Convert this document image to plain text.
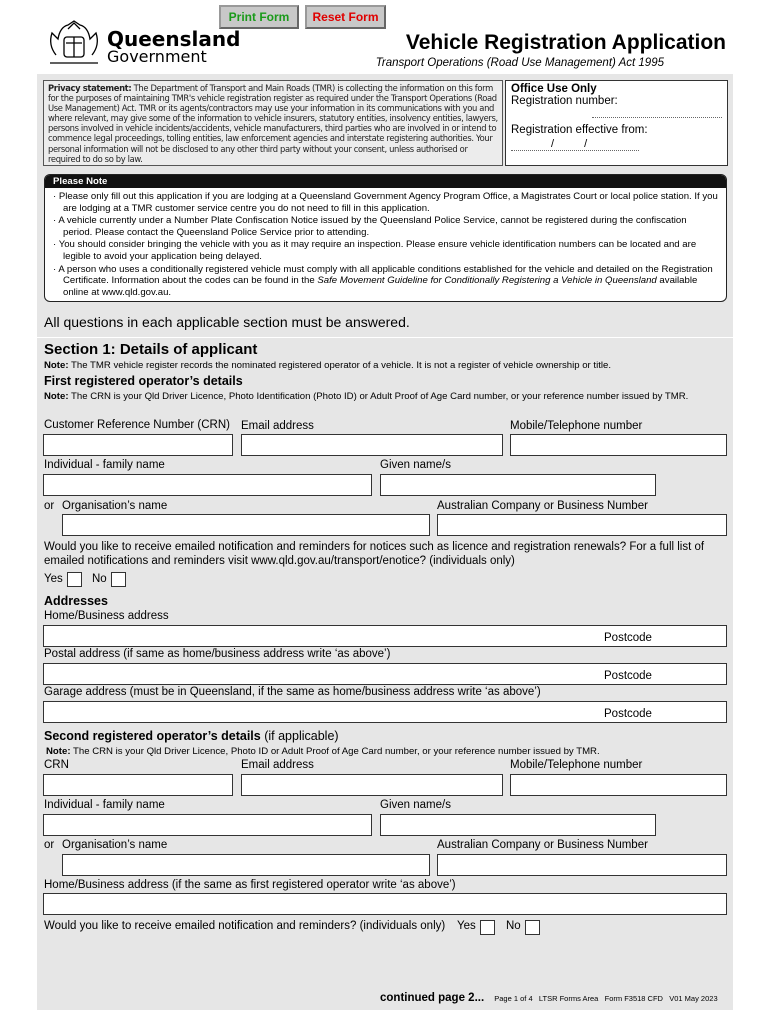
Print Form	Reset Form
Queensland
Government
Vehicle Registration Application
Transport Operations (Road Use Management) Act 1995
Privacy statement: The Department of Transport and Main Roads (TMR) is collecting the information on this form for the purposes of maintaining TMR's vehicle registration register as required under the Transport Operations (Road Use Management) Act. TMR or its agents/contractors may use your information in its communications with you and where relevant, may give some of the information to vehicle insurers, statutory entities, insolvency entities, lawyers, persons involved in vehicle incidents/accidents, vehicle manufacturers, third parties who are involved in or intend to commence legal proceedings, tolling entities, law enforcement agencies and interstate registering authorities. Your personal information will not be disclosed to any other third party without your consent, unless authorised or required to do so by law.
Office Use Only
Registration number:
Registration effective from:
//
Please Note
· Please only fill out this application if you are lodging at a Queensland Government Agency Program Office, a Magistrates Court or local police station. If you are lodging at a TMR customer service centre you do not need to fill in this application.
· A vehicle currently under a Number Plate Confiscation Notice issued by the Queensland Police Service, cannot be registered during the confiscation period. Please contact the Queensland Police Service prior to attending.
· You should consider bringing the vehicle with you as it may require an inspection. Please ensure vehicle identification numbers can be located and are legible to avoid your application being delayed.
· A person who uses a conditionally registered vehicle must comply with all applicable conditions established for the vehicle and detailed on the Registration Certificate. Information about the codes can be found in the Safe Movement Guideline for Conditionally Registering a Vehicle in Queensland available online at www.qld.gov.au.
All questions in each applicable section must be answered.
Section 1: Details of applicant
Note: The TMR vehicle register records the nominated registered operator of a vehicle. It is not a register of vehicle ownership or title.
First registered operator’s details
Note: The CRN is your Qld Driver Licence, Photo Identification (Photo ID) or Adult Proof of Age Card number, or your reference number issued by TMR.
Customer Reference Number (CRN) Email address	Mobile/Telephone number
Individual - family name	Given name/s
or Organisation’s name	Australian Company or Business Number
Would you like to receive emailed notification and reminders for notices such as licence and registration renewals? For a full list of emailed notifications and reminders visit www.qld.gov.au/transport/enotice? (individuals only)
Yes	No
Addresses
Home/Business address
Postcode
Postal address (if same as home/business address write ‘as above’)
Postcode
Garage address (must be in Queensland, if the same as home/business address write ‘as above’)
Postcode
Second registered operator’s details (if applicable)
Note: The CRN is your Qld Driver Licence, Photo ID or Adult Proof of Age Card number, or your reference number issued by TMR.
CRN	Email address	Mobile/Telephone number
Individual - family name	Given name/s
or Organisation’s name	Australian Company or Business Number
Home/Business address (if the same as first registered operator write ‘as above’)
Would you like to receive emailed notification and reminders? (individuals only) Yes	No
continued page 2... Page 1 of 4 LTSR Forms Area Form F3518 CFD V01 May 2023
